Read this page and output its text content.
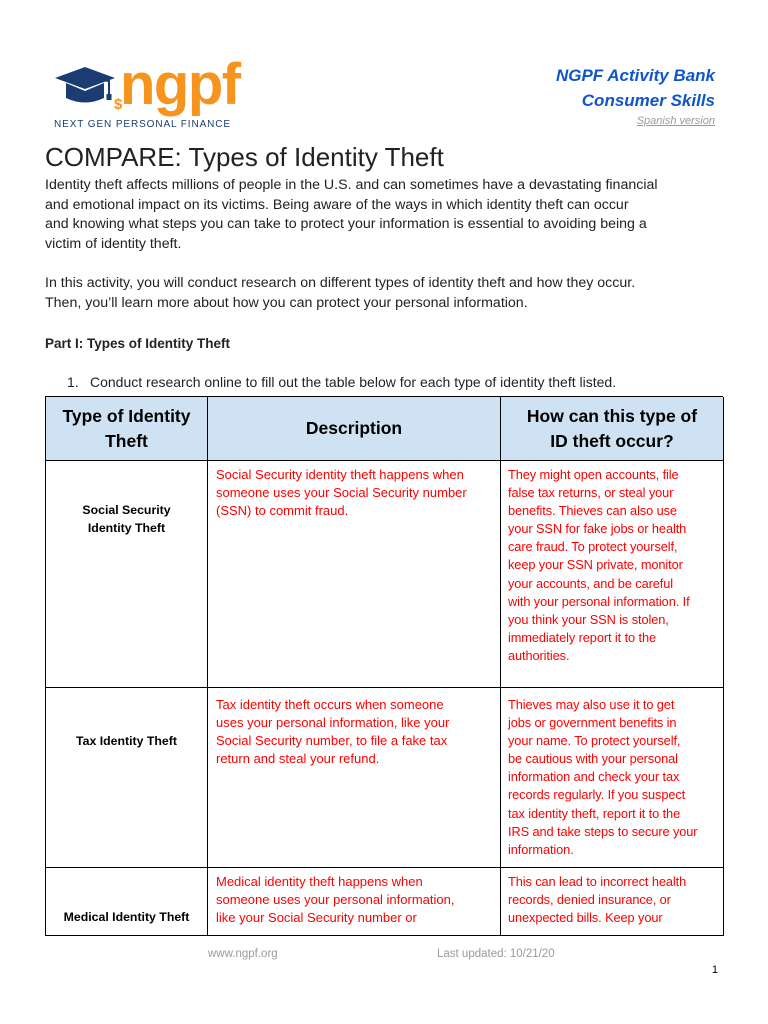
$
ngpf
NEXT GEN PERSONAL FINANCE
NGPF Activity Bank
Consumer Skills
Spanish version
COMPARE: Types of Identity Theft
Identity theft affects millions of people in the U.S. and can sometimes have a devastating financial
and emotional impact on its victims. Being aware of the ways in which identity theft can occur
and knowing what steps you can take to protect your information is essential to avoiding being a
victim of identity theft.
In this activity, you will conduct research on different types of identity theft and how they occur.
Then, you’ll learn more about how you can protect your personal information.
Part I: Types of Identity Theft
1. Conduct research online to fill out the table below for each type of identity theft listed.
Type of Identity
Theft
Description
How can this type of
ID theft occur?
Social Security
Identity Theft
Social Security identity theft happens when
someone uses your Social Security number
(SSN) to commit fraud.
They might open accounts, file
false tax returns, or steal your
benefits. Thieves can also use
your SSN for fake jobs or health
care fraud. To protect yourself,
keep your SSN private, monitor
your accounts, and be careful
with your personal information. If
you think your SSN is stolen,
immediately report it to the
authorities.
Tax Identity Theft
Tax identity theft occurs when someone
uses your personal information, like your
Social Security number, to file a fake tax
return and steal your refund.
Thieves may also use it to get
jobs or government benefits in
your name. To protect yourself,
be cautious with your personal
information and check your tax
records regularly. If you suspect
tax identity theft, report it to the
IRS and take steps to secure your
information.
Medical Identity Theft
Medical identity theft happens when
someone uses your personal information,
like your Social Security number or
This can lead to incorrect health
records, denied insurance, or
unexpected bills. Keep your
www.ngpf.org	Last updated: 10/21/20
1
